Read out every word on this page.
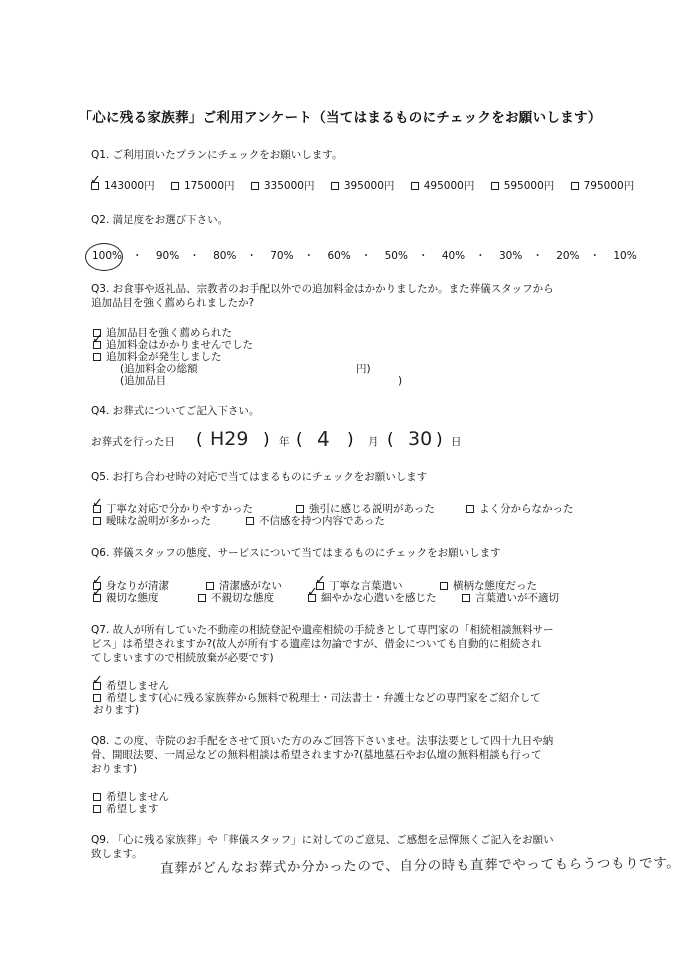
「心に残る家族葬」ご利用アンケート（当てはまるものにチェックをお願いします）
Q1. ご利用頂いたプランにチェックをお願いします。
✓143000円	175000円	335000円	395000円	495000円	595000円	795000円
Q2. 満足度をお選び下さい。
100% ・ 90% ・ 80% ・ 70% ・ 60% ・ 50% ・ 40% ・ 30% ・ 20% ・ 10%
Q3. お食事や返礼品、宗教者のお手配以外での追加料金はかかりましたか。また葬儀スタッフから
追加品目を強く薦められましたか?
追加品目を強く薦められた
✓追加料金はかかりませんでした
追加料金が発生しました
(追加料金の総額	円)
(追加品目	)
Q4. お葬式についてご記入下さい。
お葬式を行った日 ( H29 ) 年 ( 4 ) 月 ( 30 ) 日
Q5. お打ち合わせ時の対応で当てはまるものにチェックをお願いします
✓丁寧な対応で分かりやすかった	強引に感じる説明があった	よく分からなかった
曖昧な説明が多かった	不信感を持つ内容であった
Q6. 葬儀スタッフの態度、サービスについて当てはまるものにチェックをお願いします
✓身なりが清潔	清潔感がない ✓	丁寧な言葉遣い	横柄な態度だった
✓親切な態度	不親切な態度 ✓	細やかな心遣いを感じた	言葉遣いが不適切
Q7. 故人が所有していた不動産の相続登記や遺産相続の手続きとして専門家の「相続相談無料サー
ビス」は希望されますか?(故人が所有する遺産は勿論ですが、借金についても自動的に相続され
てしまいますので相続放棄が必要です)
✓希望しません
希望します(心に残る家族葬から無料で税理士・司法書士・弁護士などの専門家をご紹介して
おります)
Q8. この度、寺院のお手配をさせて頂いた方のみご回答下さいませ。法事法要として四十九日や納
骨、開眼法要、一周忌などの無料相談は希望されますか?(墓地墓石やお仏壇の無料相談も行って
おります)
希望しません
希望します
Q9. 「心に残る家族葬」や「葬儀スタッフ」に対してのご意見、ご感想を忌憚無くご記入をお願い
致します。
直葬がどんなお葬式か分かったので、自分の時も直葬でやってもらうつもりです。
